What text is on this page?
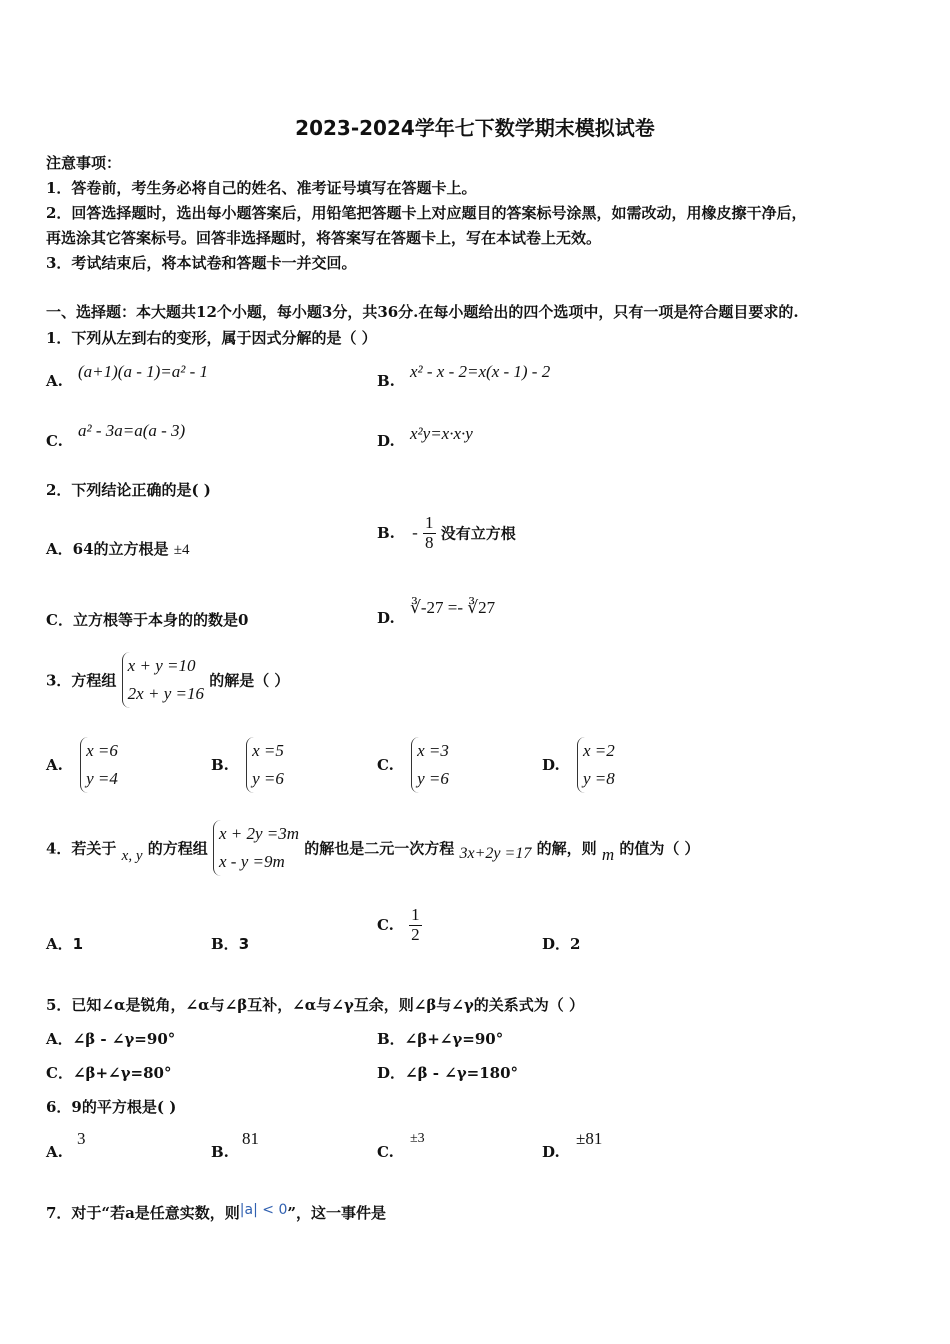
2023-2024学年七下数学期末模拟试卷
注意事项：
1．答卷前，考生务必将自己的姓名、准考证号填写在答题卡上。
2．回答选择题时，选出每小题答案后，用铅笔把答题卡上对应题目的答案标号涂黑，如需改动，用橡皮擦干净后，
再选涂其它答案标号。回答非选择题时，将答案写在答题卡上，写在本试卷上无效。
3．考试结束后，将本试卷和答题卡一并交回。
一、选择题：本大题共12个小题，每小题3分，共36分.在每小题给出的四个选项中，只有一项是符合题目要求的.
1．下列从左到右的变形，属于因式分解的是（ ）
A. (a+1)(a - 1)=a² - 1	B. x² - x - 2=x(x - 1) - 2
C.
a² - 3a=a(a - 3)
D. x²y=x·x·y
2．下列结论正确的是( )
A．64的立方根是 ±4
B. - $\frac{1}{8}$ 没有立方根
C．立方根等于本身的的数是0	D.
∛-27 =- ∛27
3．方程组
x + y =10
2x + y =16
的解是（ ）
A.
x =6
y =4
B.
x =5
y =6
C.
x =3
y =6
D.
x =2
y =8
4．若关于 x, y 的方程组
x + 2y =3m
x - y =9m
的解也是二元一次方程 3x+2y =17 的解，则 m 的值为（ ）
A．1	B．3
C. $\frac{1}{2}$	D．2
5．已知∠α是锐角，∠α与∠β互补，∠α与∠γ互余，则∠β与∠γ的关系式为（ ）
A．∠β - ∠γ=90°	B．∠β+∠γ=90°
C．∠β+∠γ=80°	D．∠β - ∠γ=180°
6．9的平方根是( )
A.
3
B.
81
C.
±3
D.
±81
7．对于“若a是任意实数，则|a| < 0”，这一事件是
